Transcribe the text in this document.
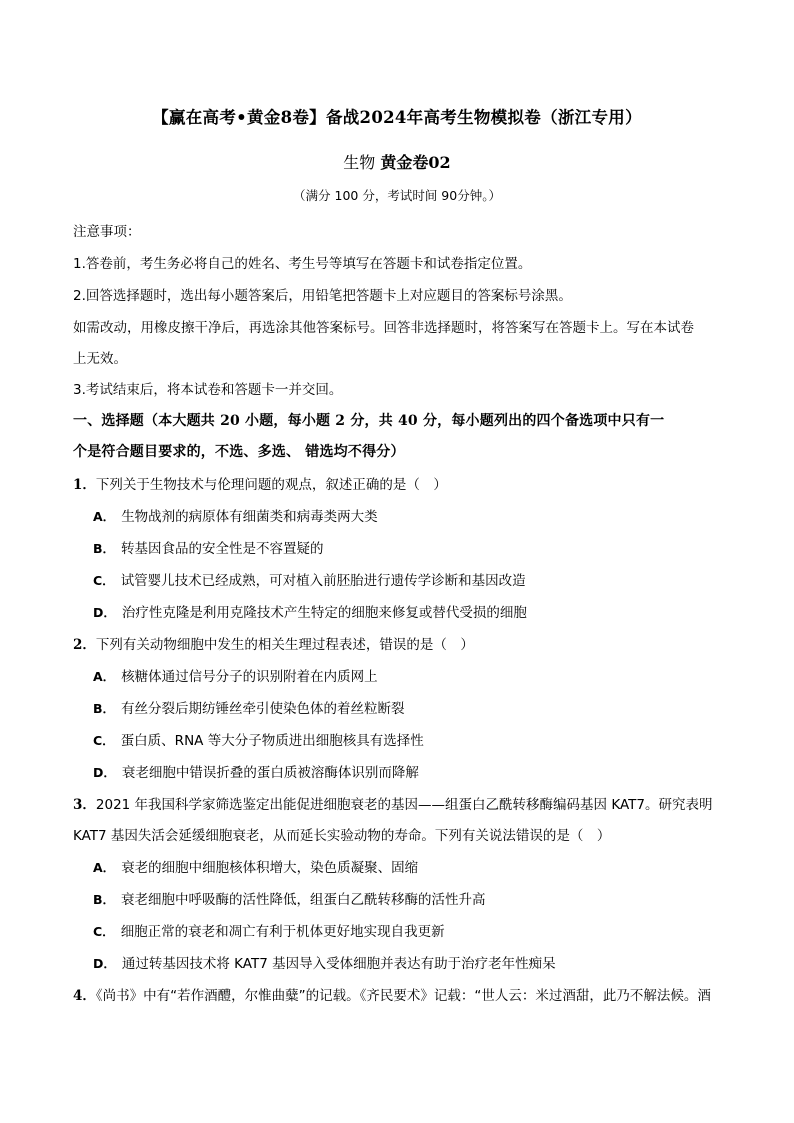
【赢在高考•黄金8卷】备战2024年高考生物模拟卷（浙江专用）
生物 黄金卷02
（满分 100 分，考试时间 90分钟。）
注意事项：
1.答卷前，考生务必将自己的姓名、考生号等填写在答题卡和试卷指定位置。
2.回答选择题时，选出每小题答案后，用铅笔把答题卡上对应题目的答案标号涂黑。
如需改动，用橡皮擦干净后，再选涂其他答案标号。回答非选择题时，将答案写在答题卡上。写在本试卷
上无效。
3.考试结束后，将本试卷和答题卡一并交回。
一、选择题（本大题共 20 小题，每小题 2 分，共 40 分，每小题列出的四个备选项中只有一
个是符合题目要求的，不选、多选、 错选均不得分）
1．下列关于生物技术与伦理问题的观点，叙述正确的是（　）
A． 生物战剂的病原体有细菌类和病毒类两大类
B． 转基因食品的安全性是不容置疑的
C． 试管婴儿技术已经成熟，可对植入前胚胎进行遗传学诊断和基因改造
D． 治疗性克隆是利用克隆技术产生特定的细胞来修复或替代受损的细胞
2．下列有关动物细胞中发生的相关生理过程表述，错误的是（　）
A． 核糖体通过信号分子的识别附着在内质网上
B． 有丝分裂后期纺锤丝牵引使染色体的着丝粒断裂
C． 蛋白质、RNA 等大分子物质进出细胞核具有选择性
D． 衰老细胞中错误折叠的蛋白质被溶酶体识别而降解
3．2021 年我国科学家筛选鉴定出能促进细胞衰老的基因——组蛋白乙酰转移酶编码基因 KAT7。研究表明
KAT7 基因失活会延缓细胞衰老，从而延长实验动物的寿命。下列有关说法错误的是（　）
A． 衰老的细胞中细胞核体积增大，染色质凝聚、固缩
B． 衰老细胞中呼吸酶的活性降低，组蛋白乙酰转移酶的活性升高
C． 细胞正常的衰老和凋亡有利于机体更好地实现自我更新
D． 通过转基因技术将 KAT7 基因导入受体细胞并表达有助于治疗老年性痴呆
4．《尚书》中有“若作酒醴，尔惟曲糵”的记载。《齐民要术》记载：“世人云：米过酒甜，此乃不解法候。酒
